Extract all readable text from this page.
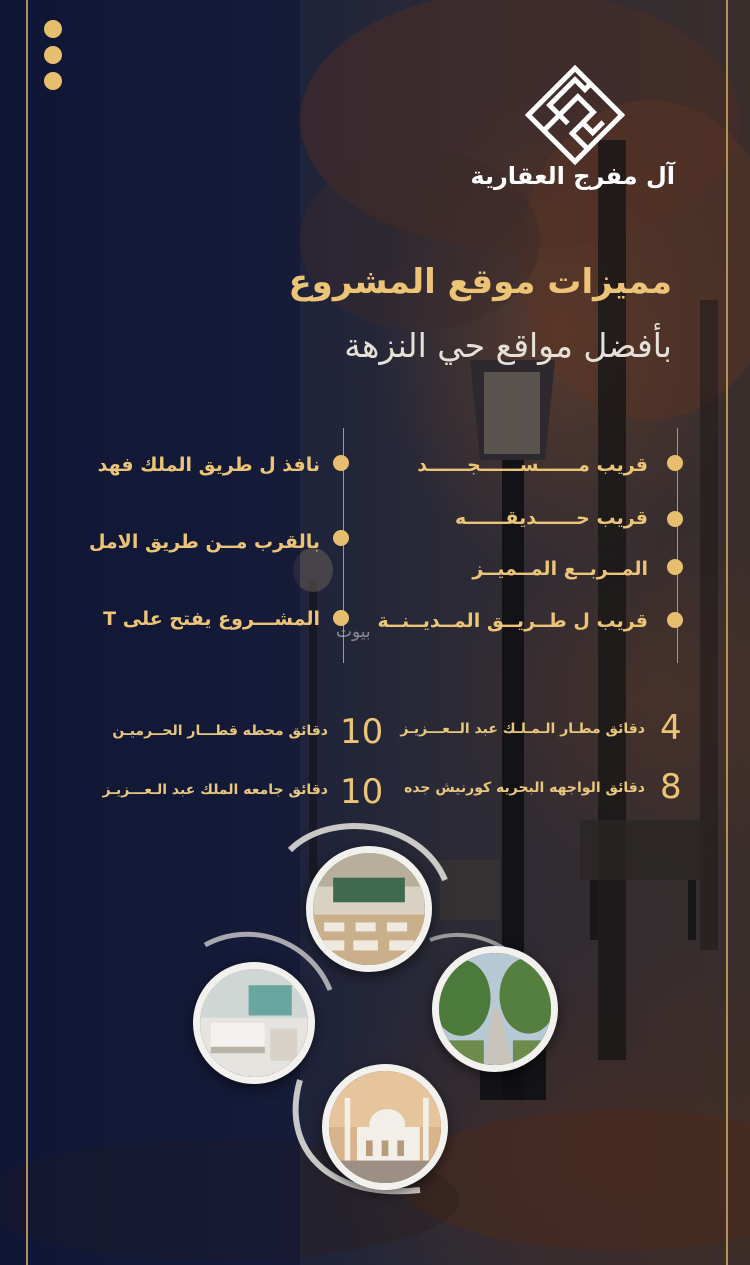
آل مفرج العقارية
مميزات موقع المشروع
بأفضل مواقع حي النزهة
قريب مــــــســــــجــــــد
قريب حــــــديقــــــه
المــربــع المــميــز
قريب ل طــريــق المــديــنــة
نافذ ل طريق الملك فهد
بالقرب مــن طريق الامل
المشـــروع يفتح على T
بيوت
4
دقائق مطـار الـمـلـك عبد الــعـــزيـز
10
دقائق محطه قطـــار الحــرميـن
8
دقائق الواجهه البحريه كورنيش جده
10
دقائق جامعه الملك عبد الـعـــزيـز
